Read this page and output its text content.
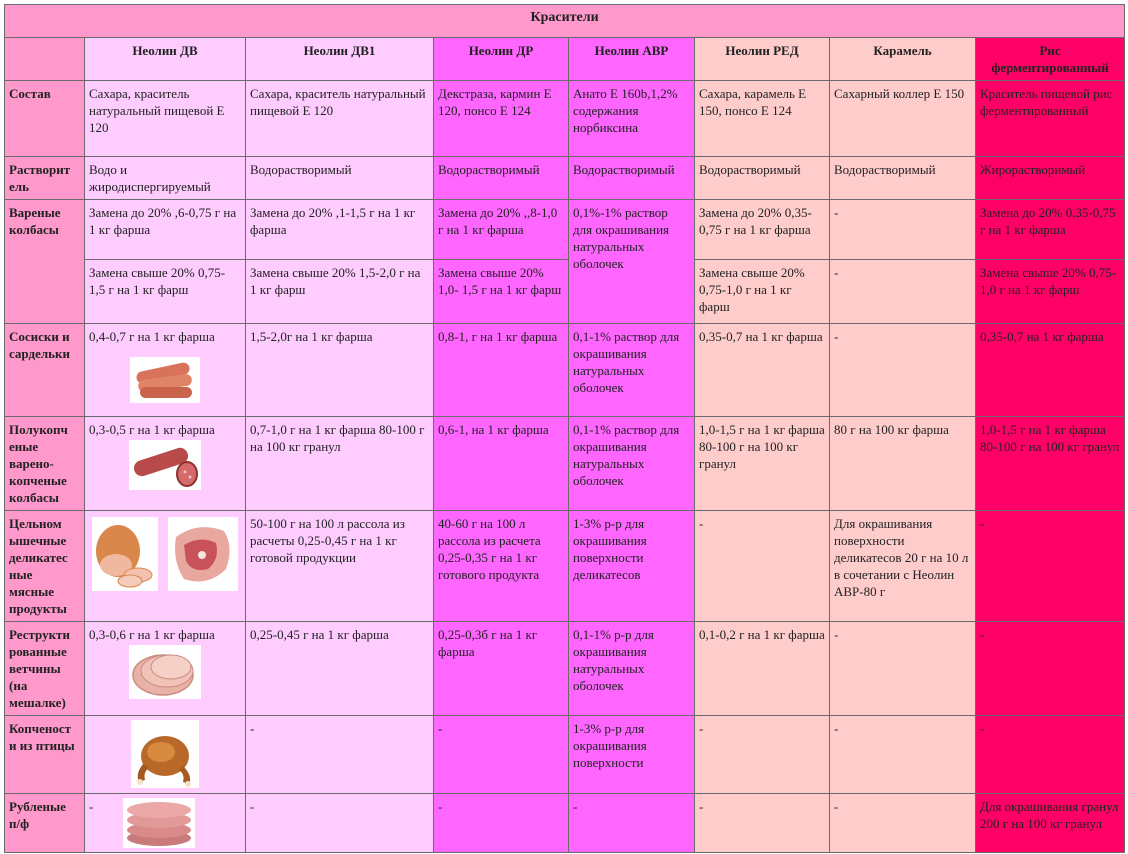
Красители							
	Неолин ДВ	Неолин ДВ1	Неолин ДР	Неолин АВР	Неолин РЕД	Карамель	Рис ферментированный
Состав	Сахара, краситель натуральный пищевой Е 120	Сахара, краситель натуральный пищевой Е 120	Декстраза, кармин Е 120, понсо Е 124	Анато Е 160b,1,2% содержания норбиксина	Сахара, карамель Е 150, понсо Е 124	Сахарный коллер Е 150	Краситель пищевой рис ферментированный
Растворит ель	Водо и жиродиспергируемый	Водорастворимый	Водорастворимый	Водорастворимый	Водорастворимый	Водорастворимый	Жирорастворимый
Вареные колбасы	Замена до 20% ,6-0,75 г на 1 кг фарша	Замена до 20% ,1-1,5 г на 1 кг фарша	Замена до 20% ,,8-1,0 г на 1 кг фарша	0,1%-1% раствор для окрашивания натуральных оболочек	Замена до 20% 0,35-0,75 г на 1 кг фарша	-	Замена до 20% 0,35-0,75 г на 1 кг фарша
	Замена свыше 20% 0,75-1,5 г на 1 кг фарш	Замена свыше 20% 1,5-2,0 г на 1 кг фарш	Замена свыше 20% 1,0- 1,5 г на 1 кг фарш		Замена свыше 20% 0,75-1,0 г на 1 кг фарш	-	Замена свыше 20% 0,75-1,0 г на 1 кг фарш
Сосиски и сардельки	0,4-0,7 г на 1 кг фарша	1,5-2,0г на 1 кг фарша	0,8-1, г на 1 кг фарша	0,1-1% раствор для окрашивания натуральных оболочек	0,35-0,7 на 1 кг фарша	-	0,35-0,7 на 1 кг фарша
Полукопч еные варено-копченые колбасы	0,3-0,5 г на 1 кг фарша	0,7-1,0 г на 1 кг фарша 80-100 г на 100 кг гранул	0,6-1, на 1 кг фарша	0,1-1% раствор для окрашивания натуральных оболочек	1,0-1,5 г на 1 кг фарша 80-100 г на 100 кг гранул	80 г на 100 кг фарша	1,0-1,5 г на 1 кг фарша 80-100 г на 100 кг гранул
Цельном ышечные деликатес ные мясные продукты		50-100 г на 100 л рассола из расчеты 0,25-0,45 г на 1 кг готовой продукции	40-60 г на 100 л рассола из расчета 0,25-0,35 г на 1 кг готового продукта	1-3% р-р для окрашивания поверхности деликатесов	-	Для окрашивания поверхности деликатесов 20 г на 10 л в сочетании с Неолин АВР-80 г	-
Реструкти рованные ветчины (на мешалке)	0,3-0,6 г на 1 кг фарша	0,25-0,45 г на 1 кг фарша	0,25-0,3б г на 1 кг фарша	0,1-1% р-р для окрашивания натуральных оболочек	0,1-0,2 г на 1 кг фарша	-	-
Копченост и из птицы		-	-	1-3% р-р для окрашивания поверхности	-	-	-
Рубленые п/ф	-	-	-	-	-	-	Для окрашивания гранул 200 г на 100 кг гранул
